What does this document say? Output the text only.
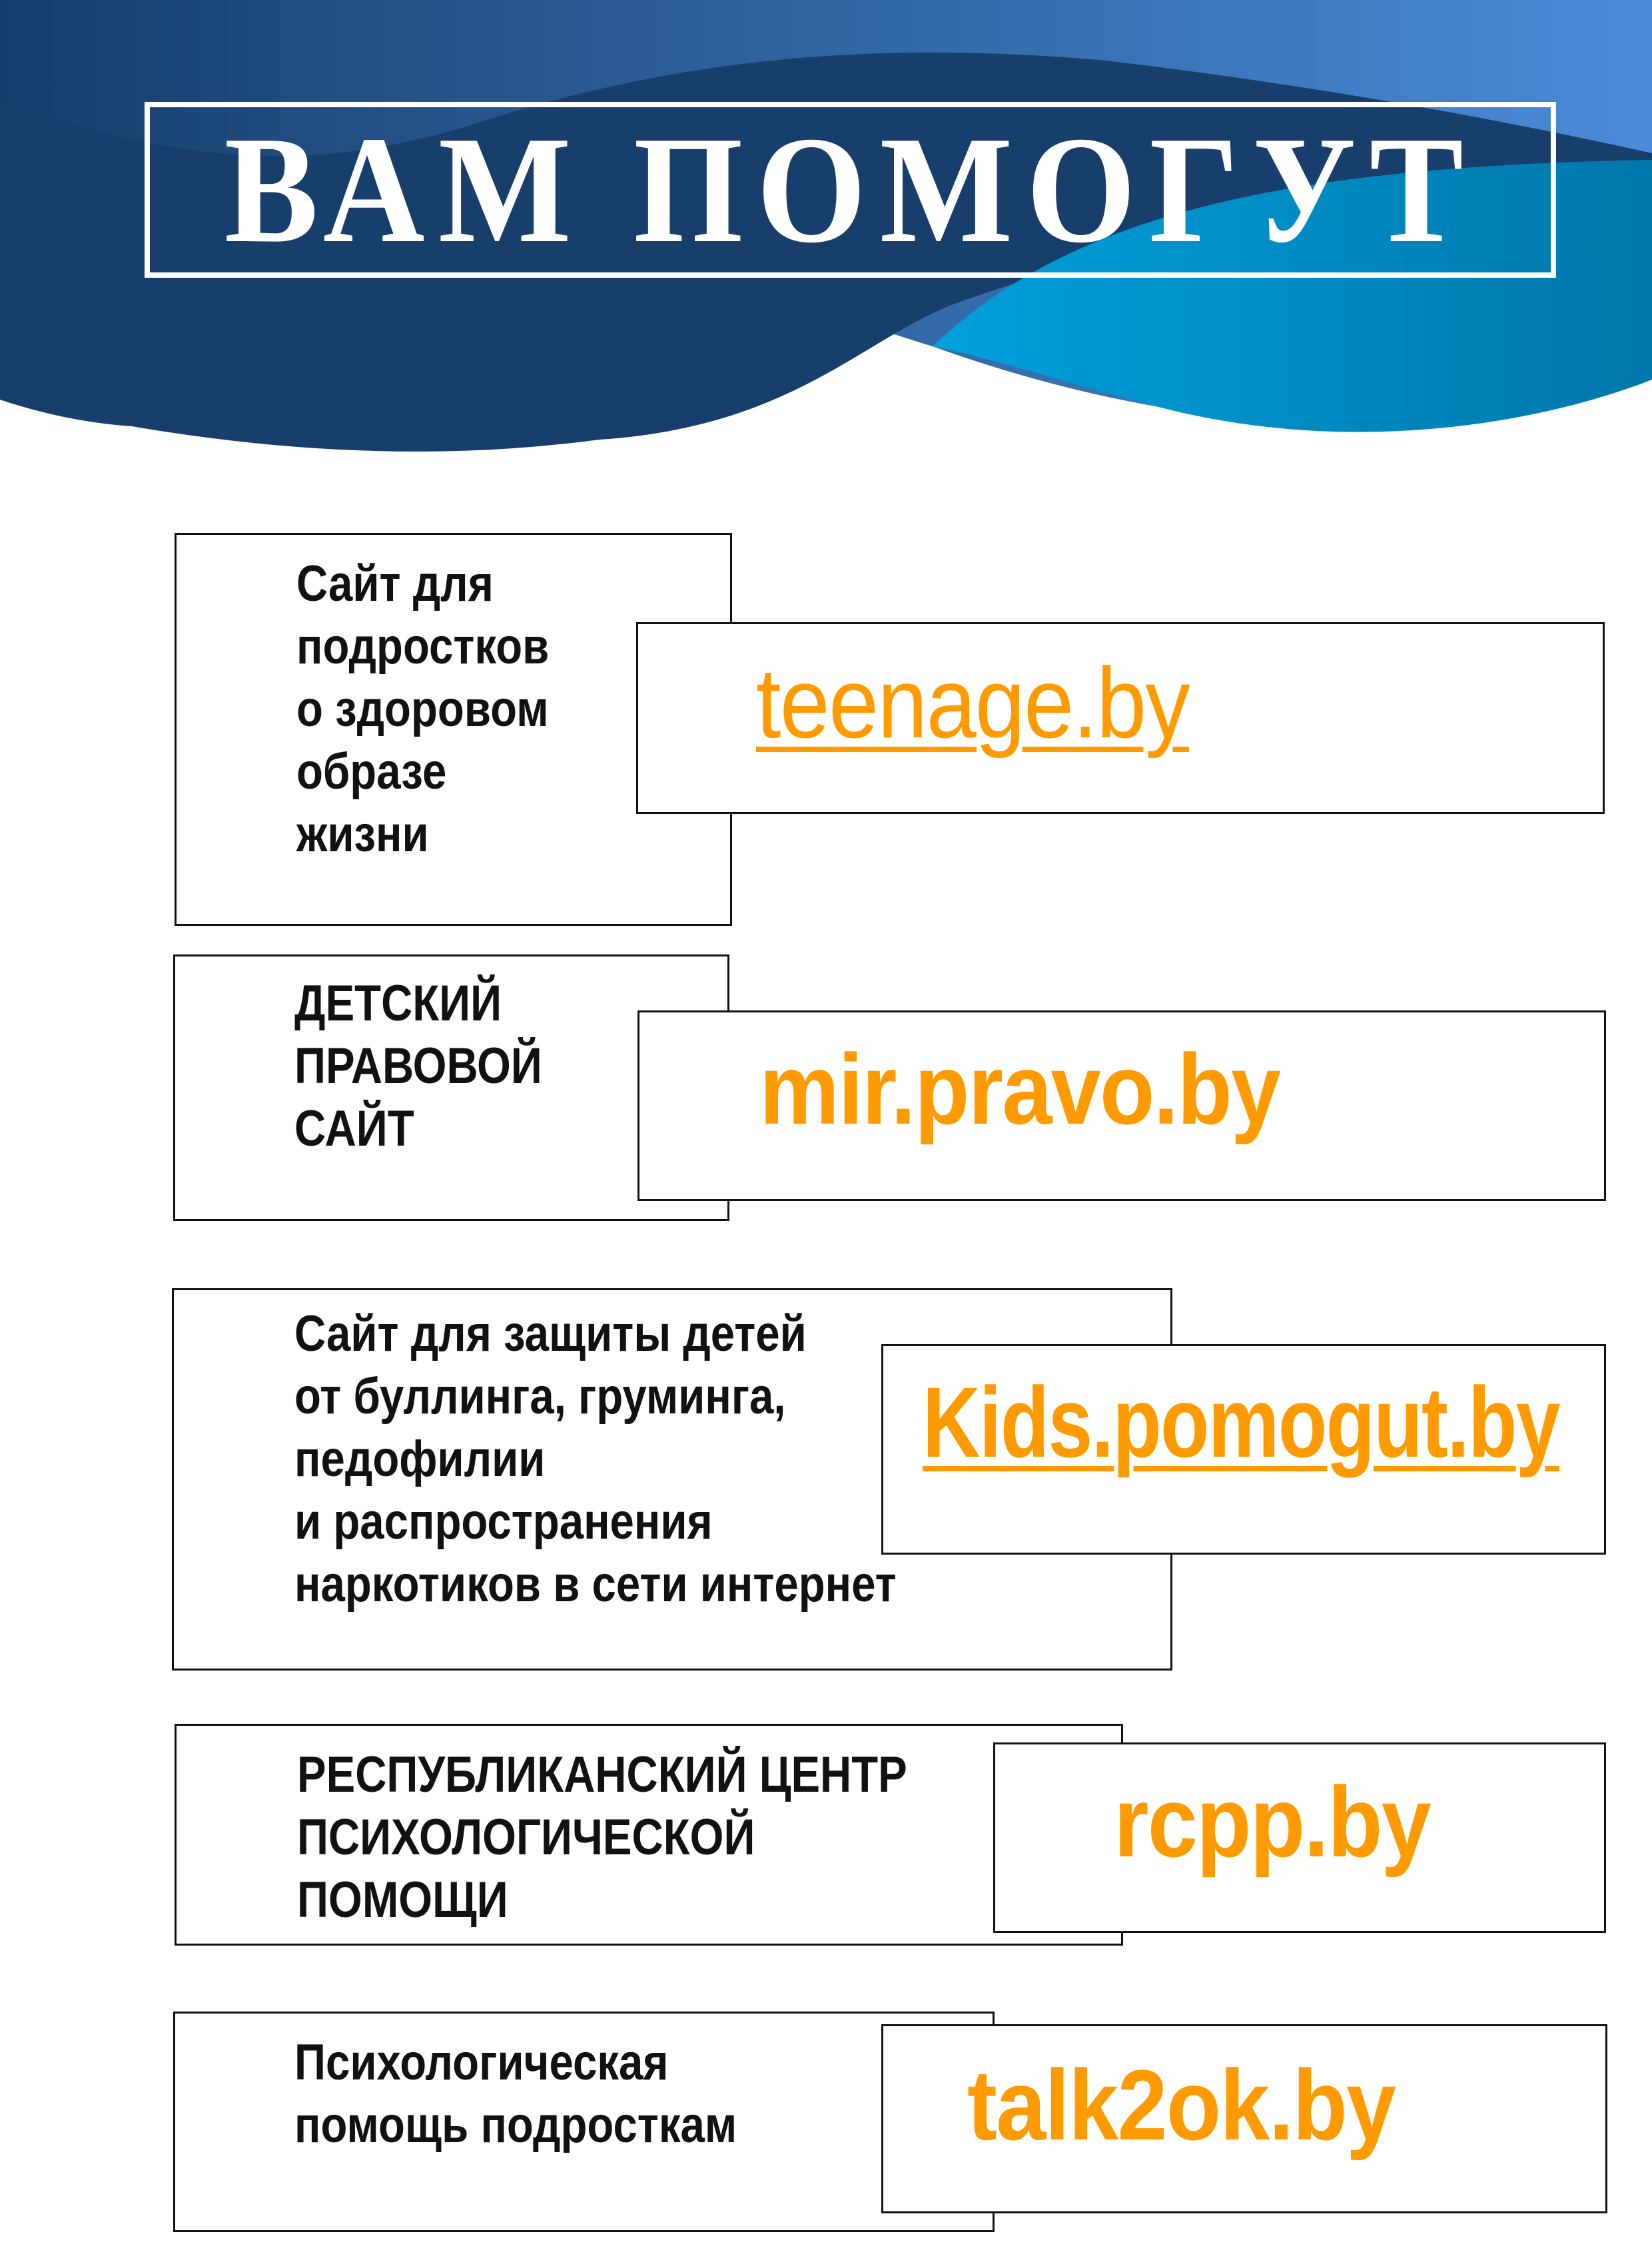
ВАМ ПОМОГУТ
Сайт для
подростков
о здоровом
образе
жизни
teenage.by
ДЕТСКИЙ
ПРАВОВОЙ
САЙТ	mir.pravo.by
Сайт для защиты детей
от буллинга, груминга,
педофилии
и распространения
наркотиков в сети интернет
Kids.pomogut.by
РЕСПУБЛИКАНСКИЙ ЦЕНТР
ПСИХОЛОГИЧЕСКОЙ
ПОМОЩИ
rcpp.by
Психологическая
помощь подросткам talk2ok.by
